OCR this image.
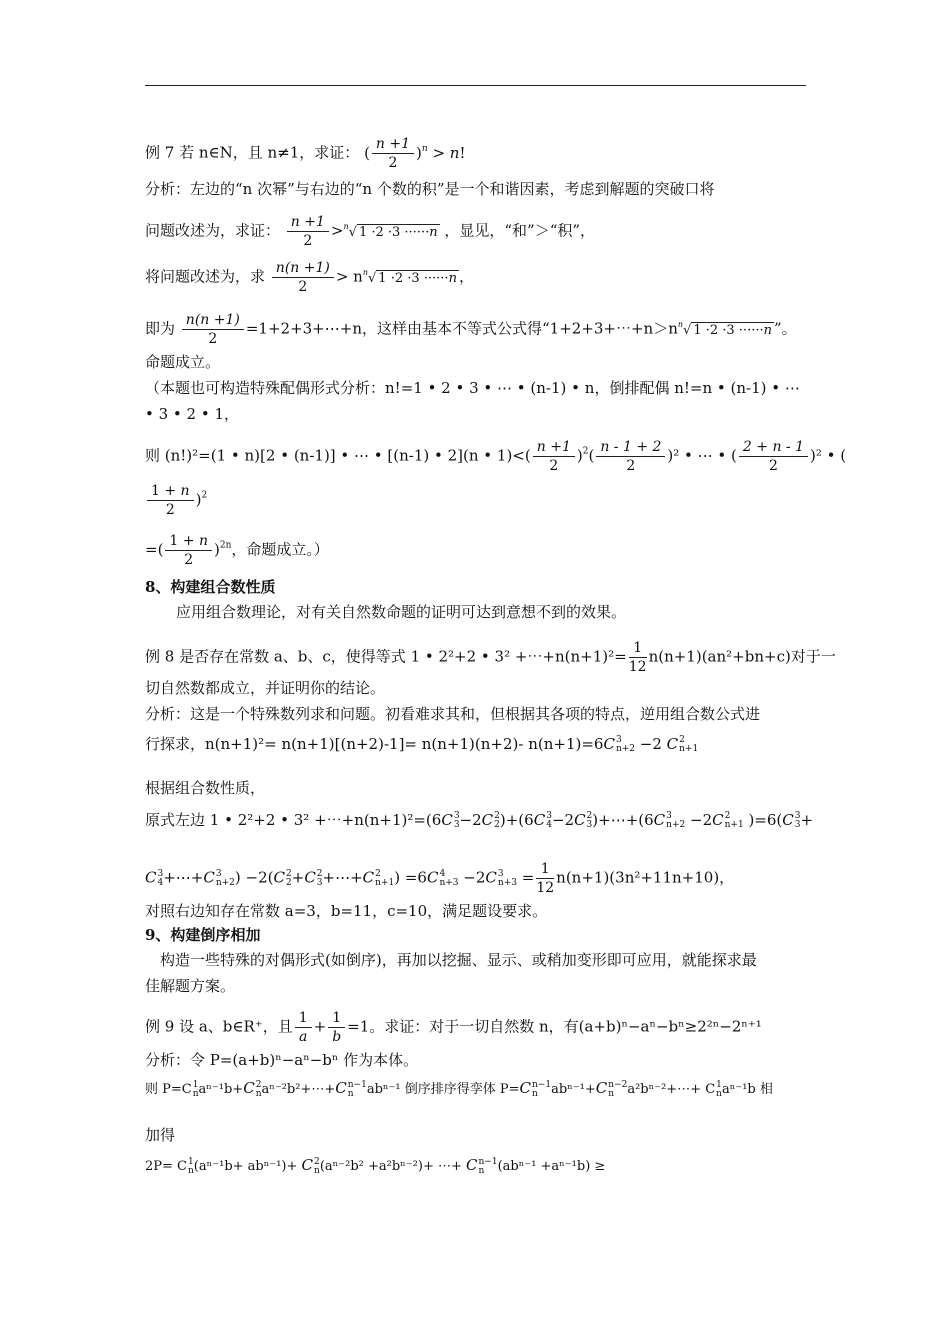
例 7 若 n∈N，且 n≠1，求证： ( $\frac{n +1}{2} )^n > n$!
分析：左边的“n 次幂”与右边的“n 个数的积”是一个和谐因素，考虑到解题的突破口将
问题改述为，求证： $\frac{n +1}{2} >^n√$ 1 ·2 ·3 ······n ，显见，“和”＞“积”，
将问题改述为，求 $\frac{n(n +1)}{2} > n^n√$ 1 ·2 ·3 ······n ，
即为 $\frac{n(n +1)}{2}$ =1+2+3+⋯+n，这样由基本不等式公式得“$1+2+3+\cdots+n>n^n√$ 1 ·2 ·3 ······n ”。
命题成立。
（本题也可构造特殊配偶形式分析：n!=1 • 2 • 3 • ⋯ • (n-1) • n，倒排配偶 n!=n • (n-1) • ⋯
• 3 • 2 • 1，
则 (n!)²=(1 • n)[2 • (n-1)] • ⋯ • [(n-1) • 2](n • $1)<( \frac{n +1}{2} )^2( \frac{n - 1 + 2}{2} )^2$ • ⋯ • ( $\frac{2 + n - 1}{2} )^2$ • (
$\frac{1 + n}{2} )^2$
=( $\frac{1 + n}{2} )^{2n}$，命题成立。）
8、构建组合数性质
应用组合数理论，对有关自然数命题的证明可达到意想不到的效果。
例 8 是否存在常数 a、b、c，使得等式 1 • 2²+2 • 3² +⋯+n(n+1)²= $\frac{1}{12} n(n+1)(an^2+bn+c)$对于一
切自然数都成立，并证明你的结论。
分析：这是一个特殊数列求和问题。初看难求其和，但根据其各项的特点，逆用组合数公式进
行探求，n(n+1)²= n(n+1)[(n+2)-1]= n(n+1)(n+2)- n(n+1)=6C 3
n+2 −2 C 2
n+1
根据组合数性质，
原式左边 1 • 2²+2 • 3² +⋯+n(n+1)²=(6C 3
3 −2C 2
2 )+(6C 3
4 −2C 2
3 )+⋯+(6C 3
n+2 −2C 2
n+1 )=6(C 3
3 +
C 3
4 +⋯+C 3
n+2 ) −2(C 2
2 +C 2
3 +⋯+C 2
n+1 ) =6C 4
n+3 −2C 3
$n+3 = \frac{1}{12} n(n+1)(3n^2+11n+10)$，
对照右边知存在常数 a=3，b=11，c=10，满足题设要求。
9、构建倒序相加
构造一些特殊的对偶形式(如倒序)，再加以挖掘、显示、或稍加变形即可应用，就能探求最
佳解题方案。
例 9 设 a、b∈R⁺，且 $\frac{1}{a} + \frac{1}{b} =1$。求证：对于一切自然数 n，有(a+b)ⁿ−aⁿ−bⁿ≥2²ⁿ−2ⁿ⁺¹
分析：令 P=(a+b)ⁿ−aⁿ−bⁿ 作为本体。
则 P=C 1
n aⁿ⁻¹b+C 2
n aⁿ⁻²b²+⋯+C n−1
n	abⁿ⁻¹ 倒序排序得孪体 P=C n−1
n	abⁿ⁻¹+C n−2
n	a²bⁿ⁻²+⋯+ C 1
n aⁿ⁻¹b 相
加得
2P= C 1
n (aⁿ⁻¹b+ abⁿ⁻¹)+ C 2
n (aⁿ⁻²b² +a²bⁿ⁻²)+ ⋯+ C n−1
n	(abⁿ⁻¹ +aⁿ⁻¹b) ≥
